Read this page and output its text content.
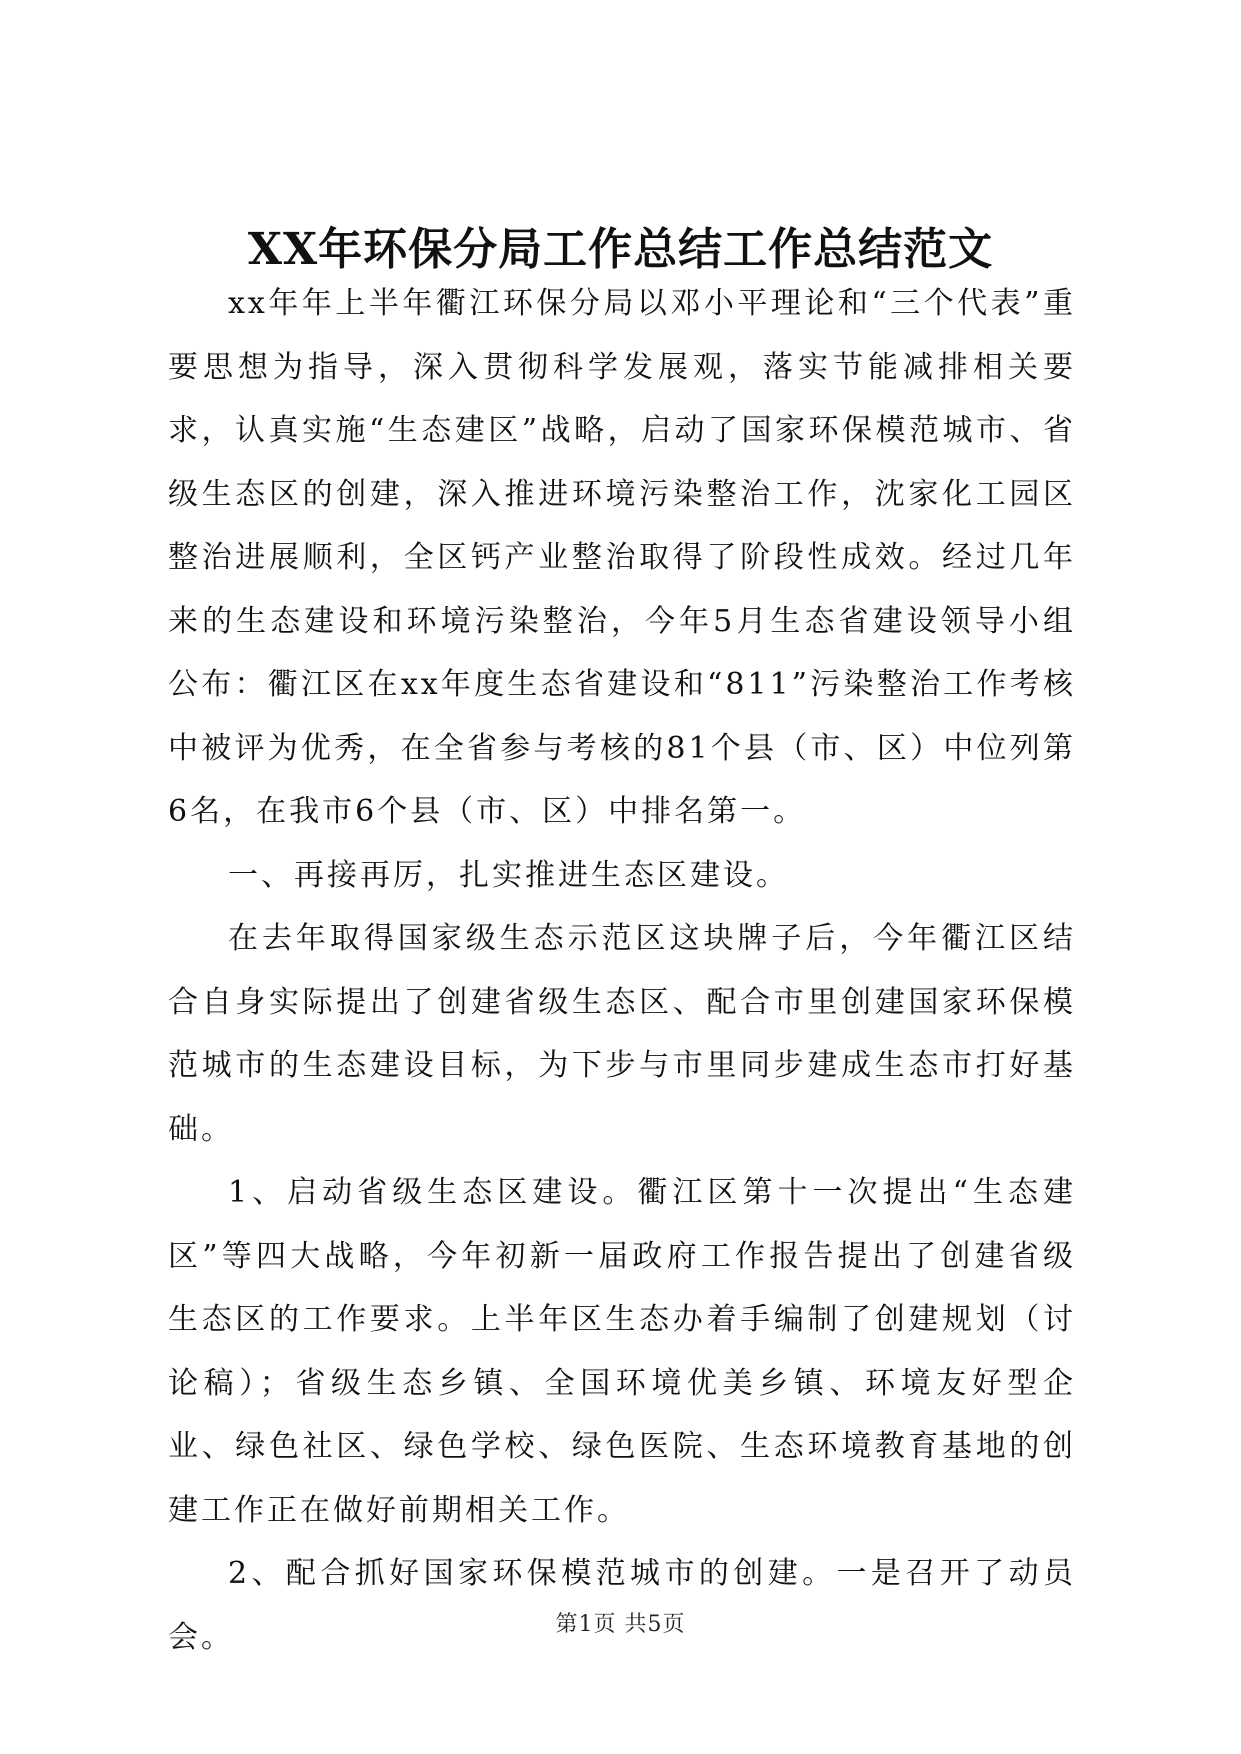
XX年环保分局工作总结工作总结范文

xx年年上半年衢江环保分局以邓小平理论和“三个代表”重要思想为指导，深入贯彻科学发展观，落实节能减排相关要求，认真实施“生态建区”战略，启动了国家环保模范城市、省级生态区的创建，深入推进环境污染整治工作，沈家化工园区整治进展顺利，全区钙产业整治取得了阶段性成效。经过几年来的生态建设和环境污染整治，今年5月生态省建设领导小组公布：衢江区在xx年度生态省建设和“811”污染整治工作考核中被评为优秀，在全省参与考核的81个县（市、区）中位列第6名，在我市6个县（市、区）中排名第一。

一、再接再厉，扎实推进生态区建设。

在去年取得国家级生态示范区这块牌子后，今年衢江区结合自身实际提出了创建省级生态区、配合市里创建国家环保模范城市的生态建设目标，为下步与市里同步建成生态市打好基础。

1、启动省级生态区建设。衢江区第十一次提出“生态建区”等四大战略，今年初新一届政府工作报告提出了创建省级生态区的工作要求。上半年区生态办着手编制了创建规划（讨论稿）；省级生态乡镇、全国环境优美乡镇、环境友好型企业、绿色社区、绿色学校、绿色医院、生态环境教育基地的创建工作正在做好前期相关工作。

2、配合抓好国家环保模范城市的创建。一是召开了动员会。	第1页 共5页
